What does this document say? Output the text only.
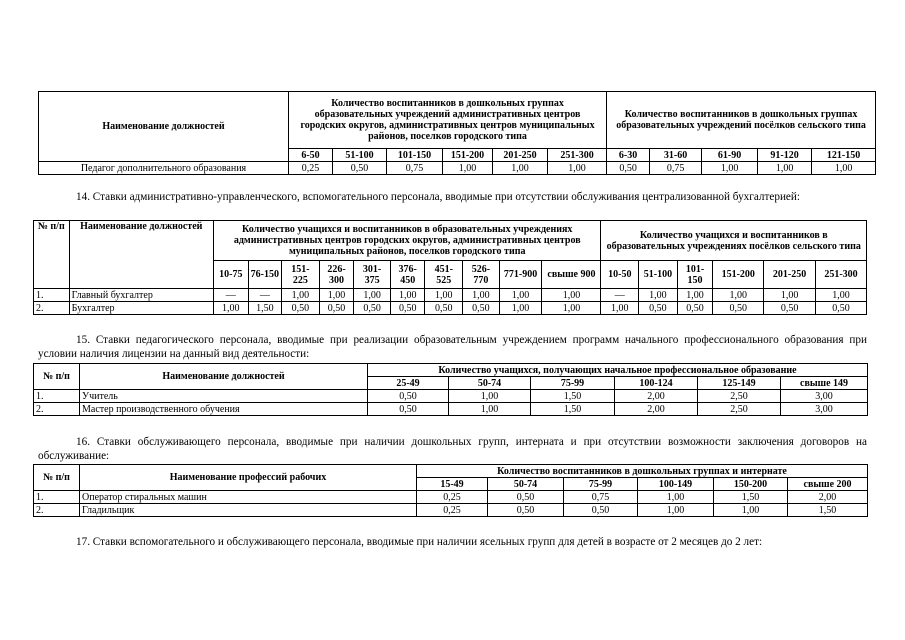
Наименование должностей	Количество воспитанников в дошкольных группах образовательных учреждений административных центров городских округов, административных центров муниципальных районов, поселков городского типа						Количество воспитанников в дошкольных группах образовательных учреждений посёлков сельского типа				
	6-50	51-100	101-150	151-200	201-250	251-300	6-30	31-60	61-90	91-120	121-150
Педагог дополнительного образования	0,25	0,50	0,75	1,00	1,00	1,00	0,50	0,75	1,00	1,00	1,00
14. Ставки административно-управленческого, вспомогательного персонала, вводимые при отсутствии обслуживания централизованной бухгалтерией:
№ п/п	Наименование должностей	Количество учащихся и воспитанников в образовательных учреждениях административных центров городских округов, административных центров муниципальных районов, поселков городского типа										Количество учащихся и воспитанников в образовательных учреждениях посёлков сельского типа					
		10-75	76-150	151-225	226-300	301-375	376-450	451-525	526-770	771-900	свыше 900	10-50	51-100	101-150	151-200	201-250	251-300
1.	Главный бухгалтер	—	—	1,00	1,00	1,00	1,00	1,00	1,00	1,00	1,00	—	1,00	1,00	1,00	1,00	1,00
2.	Бухгалтер	1,00	1,50	0,50	0,50	0,50	0,50	0,50	0,50	1,00	1,00	1,00	0,50	0,50	0,50	0,50	0,50
15. Ставки педагогического персонала, вводимые при реализации образовательным учреждением программ начального профессионального образования при условии наличия лицензии на данный вид деятельности:
№ п/п	Наименование должностей	Количество учащихся, получающих начальное профессиональное образование					
		25-49	50-74	75-99	100-124	125-149	свыше 149
1.	Учитель	0,50	1,00	1,50	2,00	2,50	3,00
2.	Мастер производственного обучения	0,50	1,00	1,50	2,00	2,50	3,00
16. Ставки обслуживающего персонала, вводимые при наличии дошкольных групп, интерната и при отсутствии возможности заключения договоров на обслуживание:
№ п/п	Наименование профессий рабочих	Количество воспитанников в дошкольных группах и интернате					
		15-49	50-74	75-99	100-149	150-200	свыше 200
1.	Оператор стиральных машин	0,25	0,50	0,75	1,00	1,50	2,00
2.	Гладильщик	0,25	0,50	0,50	1,00	1,00	1,50
17. Ставки вспомогательного и обслуживающего персонала, вводимые при наличии ясельных групп для детей в возрасте от 2 месяцев до 2 лет:
